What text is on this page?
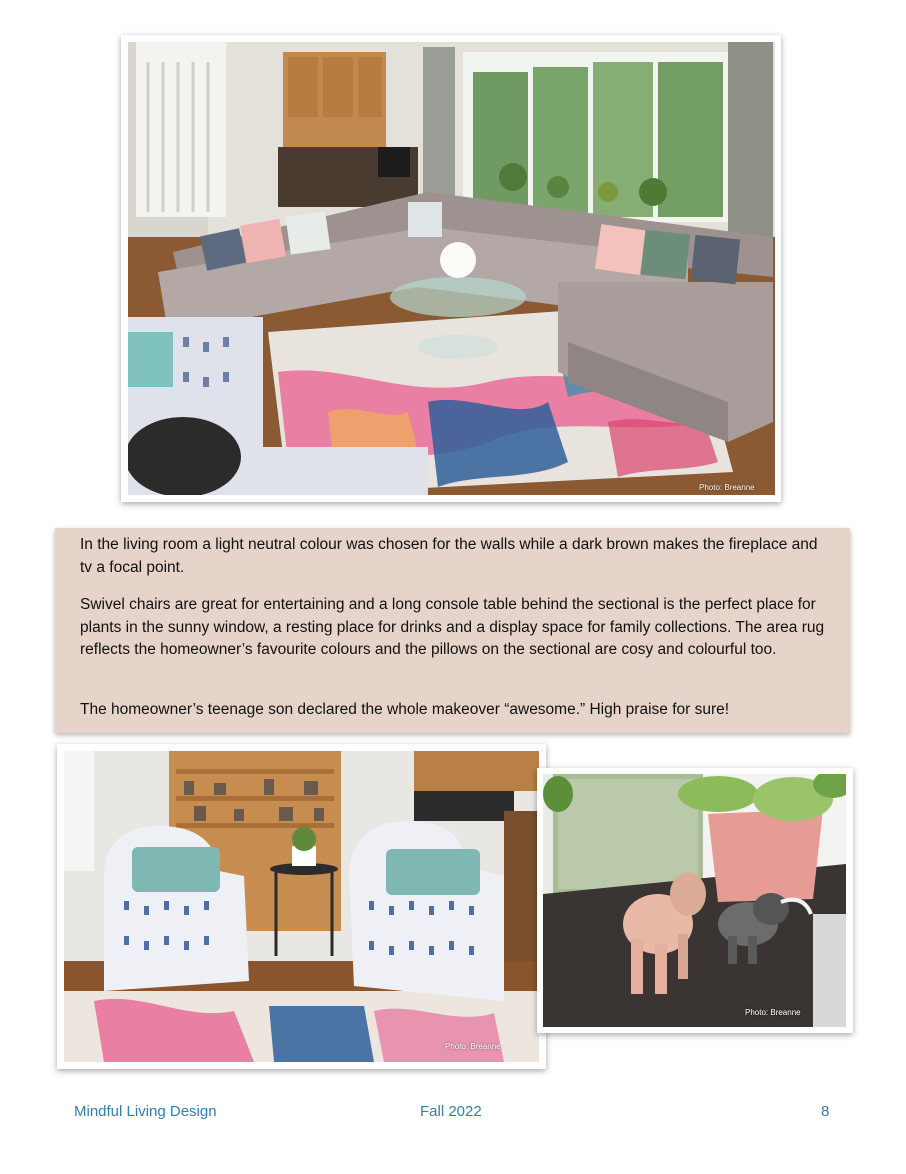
Photo: Breanne

In the living room a light neutral colour was chosen for the walls while a dark brown makes the fireplace and tv a focal point.

Swivel chairs are great for entertaining and a long console table behind the sectional is the perfect place for plants in the sunny window, a resting place for drinks and a display space for family collections. The area rug reflects the homeowner’s favourite colours and the pillows on the sectional are cosy and colourful too.

The homeowner’s teenage son declared the whole makeover “awesome.” High praise for sure!

Photo: Breanne
Photo: Breanne
Mindful Living Design	Fall 2022	8
